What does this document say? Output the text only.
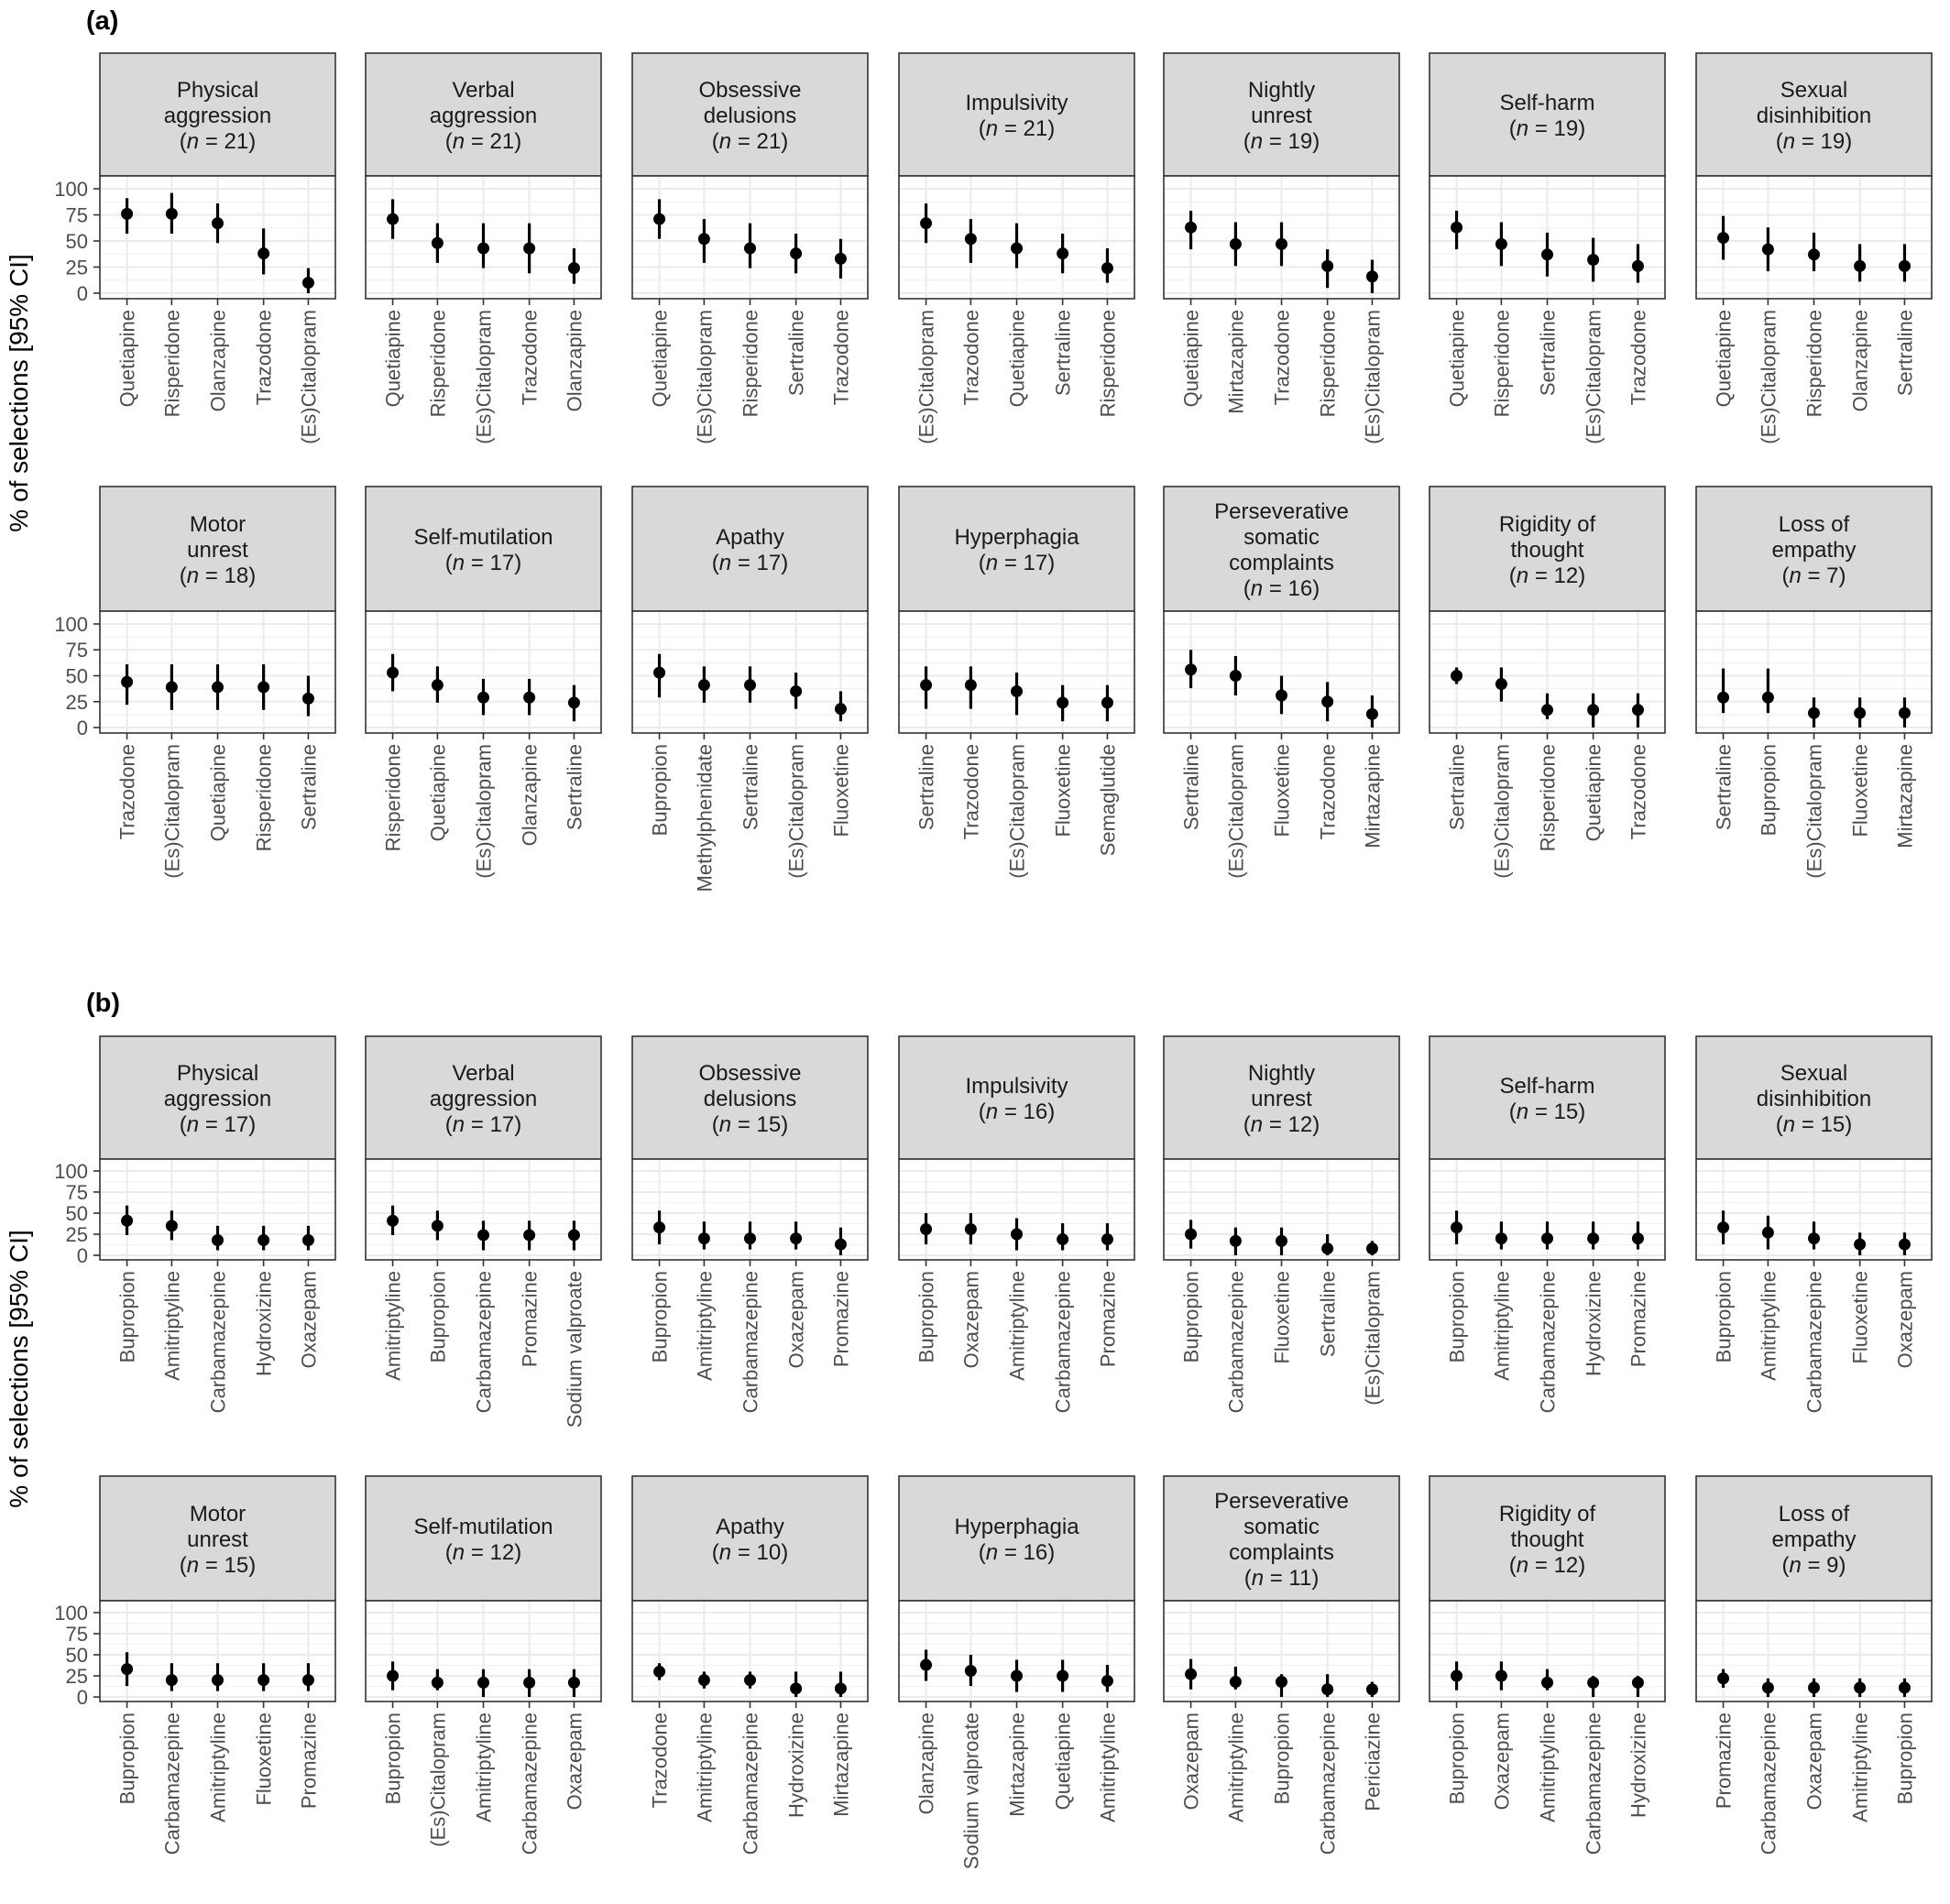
(a)
% of selections [95% CI]
Physical
aggression
(n = 21)
Quetiapine Risperidone Olanzapine Trazodone (Es)Citalopram
0
25
50
75
100
Verbal
aggression
(n = 21)
Quetiapine Risperidone (Es)Citalopram Trazodone Olanzapine
Obsessive
delusions
(n = 21)
Quetiapine (Es)Citalopram Risperidone Sertraline Trazodone
Impulsivity
(n = 21)
(Es)Citalopram Trazodone Quetiapine Sertraline Risperidone
Nightly
unrest
(n = 19)
Quetiapine Mirtazapine Trazodone Risperidone (Es)Citalopram
Self-harm
(n = 19)
Quetiapine Risperidone Sertraline (Es)Citalopram Trazodone
Sexual
disinhibition
(n = 19)
Quetiapine (Es)Citalopram Risperidone Olanzapine Sertraline
Motor
unrest
(n = 18)
Trazodone (Es)Citalopram Quetiapine Risperidone Sertraline
0
25
50
75
100
Self-mutilation
(n = 17)
Risperidone Quetiapine (Es)Citalopram Olanzapine Sertraline
Apathy
(n = 17)
Bupropion Methylphenidate Sertraline (Es)Citalopram Fluoxetine
Hyperphagia
(n = 17)
Sertraline Trazodone (Es)Citalopram Fluoxetine Semaglutide
Perseverative
somatic
complaints
(n = 16)
Sertraline (Es)Citalopram Fluoxetine Trazodone Mirtazapine
Rigidity of
thought
(n = 12)
Sertraline (Es)Citalopram Risperidone Quetiapine Trazodone
Loss of
empathy
(n = 7)
Sertraline Bupropion (Es)Citalopram Fluoxetine Mirtazapine
(b)
% of selections [95% CI]
Physical
aggression
(n = 17)
Bupropion Amitriptyline Carbamazepine Hydroxizine Oxazepam
0
25
50
75
100
Verbal
aggression
(n = 17)
Amitriptyline Bupropion Carbamazepine Promazine Sodium valproate
Obsessive
delusions
(n = 15)
Bupropion Amitriptyline Carbamazepine Oxazepam Promazine
Impulsivity
(n = 16)
Bupropion Oxazepam Amitriptyline Carbamazepine Promazine
Nightly
unrest
(n = 12)
Bupropion Carbamazepine Fluoxetine Sertraline (Es)Citalopram
Self-harm
(n = 15)
Bupropion Amitriptyline Carbamazepine Hydroxizine Promazine
Sexual
disinhibition
(n = 15)
Bupropion Amitriptyline Carbamazepine Fluoxetine Oxazepam
Motor
unrest
(n = 15)
Bupropion Carbamazepine Amitriptyline Fluoxetine Promazine
0
25
50
75
100
Self-mutilation
(n = 12)
Bupropion (Es)Citalopram Amitriptyline Carbamazepine Oxazepam
Apathy
(n = 10)
Trazodone Amitriptyline Carbamazepine Hydroxizine Mirtazapine
Hyperphagia
(n = 16)
Olanzapine Sodium valproate Mirtazapine Quetiapine Amitriptyline
Perseverative
somatic
complaints
(n = 11)
Oxazepam Amitriptyline Bupropion Carbamazepine Periciazine
Rigidity of
thought
(n = 12)
Bupropion Oxazepam Amitriptyline Carbamazepine Hydroxizine
Loss of
empathy
(n = 9)
Promazine Carbamazepine Oxazepam Amitriptyline Bupropion
